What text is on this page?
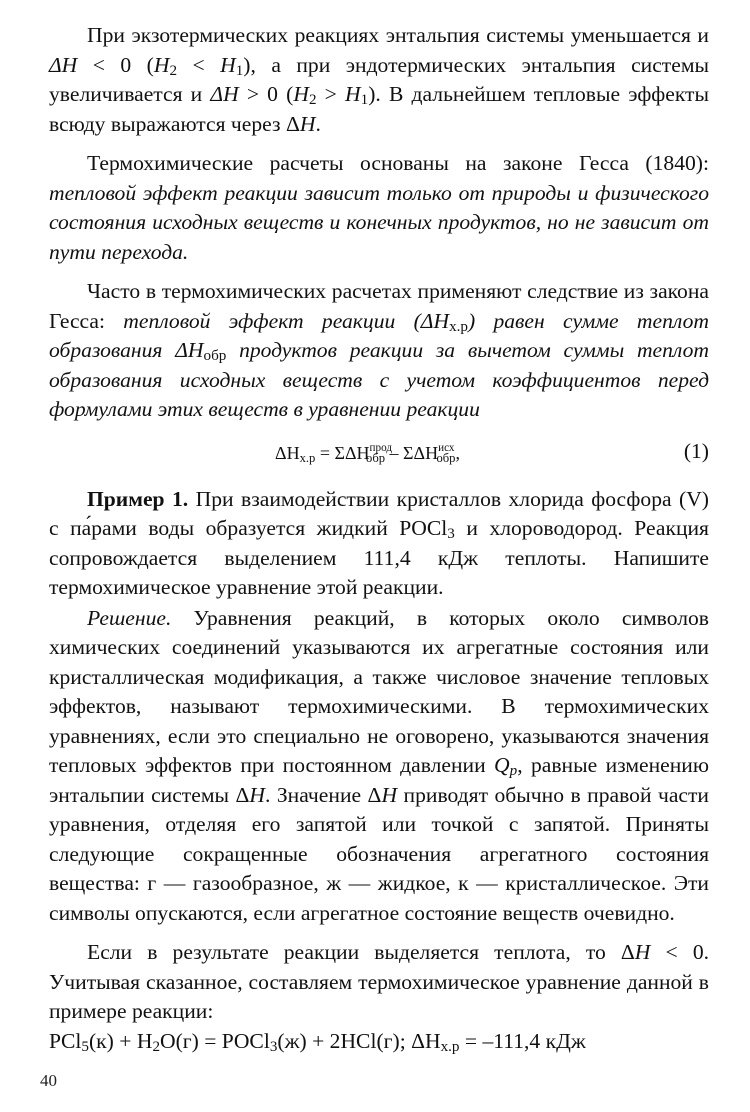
При экзотермических реакциях энтальпия системы уменьшается и ΔH < 0 $(H_2 < H_1)$, а при эндотермических энтальпия системы увеличивается и ΔH > 0 $(H_2 > H_1)$. В дальнейшем тепловые эффекты всюду выражаются через ΔH.

Термохимические расчеты основаны на законе Гесса (1840): тепловой эффект реакции зависит только от природы и физического состояния исходных веществ и конечных продуктов, но не зависит от пути перехода.

Часто в термохимических расчетах применяют следствие из закона Гесса: тепловой эффект реакции $(\Delta H_{х.р})$ равен сумме теплот образования $\Delta H_{обр}$ продуктов реакции за вычетом суммы теплот образования исходных веществ с учетом коэффициентов перед формулами этих веществ в уравнении реакции

$\Delta H_{х.р} = \Sigma\Delta H^{прод}_{обр} - \Sigma\Delta H^{исх}_{обр}$,	(1)

Пример 1. При взаимодействии кристаллов хлорида фосфора (V) с па́рами воды образуется жидкий POCl$_3$ и хлороводород. Реакция сопровождается выделением 111,4 кДж теплоты. Напишите термохимическое уравнение этой реакции.

Решение. Уравнения реакций, в которых около символов химических соединений указываются их агрегатные состояния или кристаллическая модификация, а также числовое значение тепловых эффектов, называют термохимическими. В термохимических уравнениях, если это специально не оговорено, указываются значения тепловых эффектов при постоянном давлении $Q_p$, равные изменению энтальпии системы ΔH. Значение ΔH приводят обычно в правой части уравнения, отделяя его запятой или точкой с запятой. Приняты следующие сокращенные обозначения агрегатного состояния вещества: г — газообразное, ж — жидкое, к — кристаллическое. Эти символы опускаются, если агрегатное состояние веществ очевидно.

Если в результате реакции выделяется теплота, то ΔH < 0. Учитывая сказанное, составляем термохимическое уравнение данной в примере реакции:

$PCl_5(к) + H_2O(г)$ = POCl$_3$(ж) + 2HCl(г); $\Delta H_{х.р} = -111,4$ кДж

40
